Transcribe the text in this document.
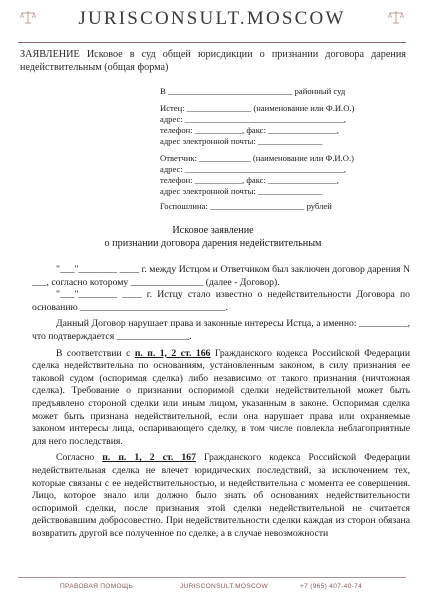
JURISCONSULT.MOSCOW
ЗАЯВЛЕНИЕ Исковое в суд общей юрисдикции о признании договора дарения недействительным (общая форма)
В _____________________________ районный суд
Истец: _______________ (наименование или Ф.И.О.)
адрес: _____________________________________,
телефон: ___________, факс: ________________,
адрес электронной почты: _______________
Ответчик: ____________ (наименование или Ф.И.О.)
адрес: _____________________________________,
телефон: ___________, факс: ________________,
адрес электронной почты: _______________
Госпошлина: ______________________ рублей
Исковое заявление
о признании договора дарения недействительным

"___"________ ____ г. между Истцом и Ответчиком был заключен договор дарения N ___, согласно которому _______________ (далее - Договор).

"___"________ ____ г. Истцу стало известно о недействительности Договора по основанию ______________________________.

Данный Договор нарушает права и законные интересы Истца, а именно: __________, что подтверждается _______________.

В соответствии с п. п. 1, 2 ст. 166 Гражданского кодекса Российской Федерации сделка недействительна по основаниям, установленным законом, в силу признания ее таковой судом (оспоримая сделка) либо независимо от такого признания (ничтожная сделка). Требование о признании оспоримой сделки недействительной может быть предъявлено стороной сделки или иным лицом, указанным в законе. Оспоримая сделка может быть признана недействительной, если она нарушает права или охраняемые законом интересы лица, оспаривающего сделку, в том числе повлекла неблагоприятные для него последствия.

Согласно п. п. 1, 2 ст. 167 Гражданского кодекса Российской Федерации недействительная сделка не влечет юридических последствий, за исключением тех, которые связаны с ее недействительностью, и недействительна с момента ее совершения. Лицо, которое знало или должно было знать об основаниях недействительности оспоримой сделки, после признания этой сделки недействительной не считается действовавшим добросовестно. При недействительности сделки каждая из сторон обязана возвратить другой все полученное по сделке, а в случае невозможности

ПРАВОВАЯ ПОМОЩЬ	JURISCONSULT.MOSCOW	+7 (965) 407-40-74
